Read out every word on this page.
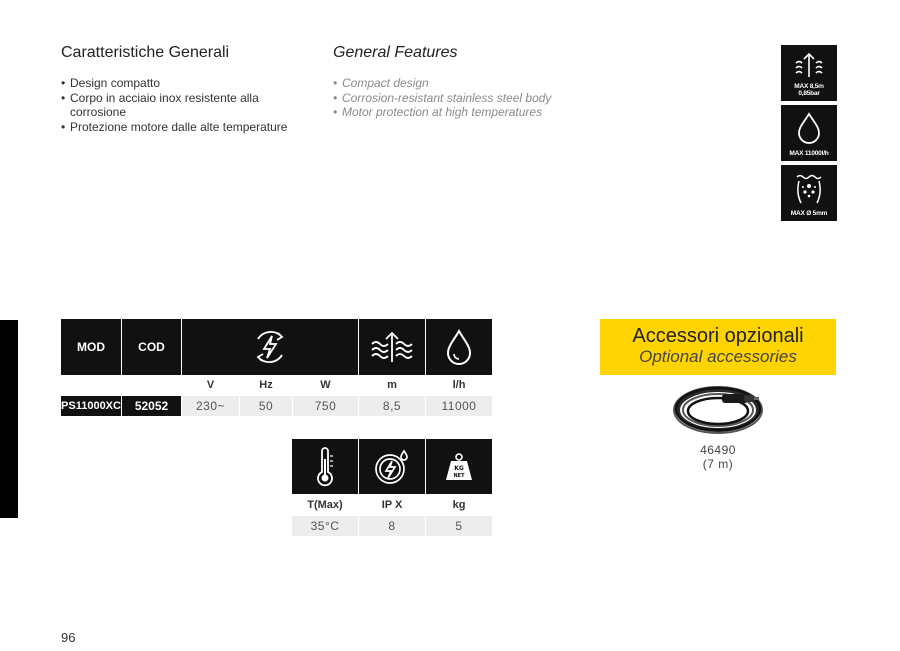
Caratteristiche Generali
• Design compatto
• Corpo in acciaio inox resistente alla corrosione
• Protezione motore dalle alte temperature
General Features
• Compact design
• Corrosion-resistant stainless steel body
• Motor protection at high temperatures
MAX 8,5m
0,85bar
MAX 11000l/h
MAX Ø 5mm
MOD	COD
V	Hz	W	m	l/h
PS11000XC	52052	230~	50	750	8,5	11000
KG
NET
T(Max)	IP X	kg
35°C	8	5
Accessori opzionali
Optional accessories
46490
(7 m)
96
